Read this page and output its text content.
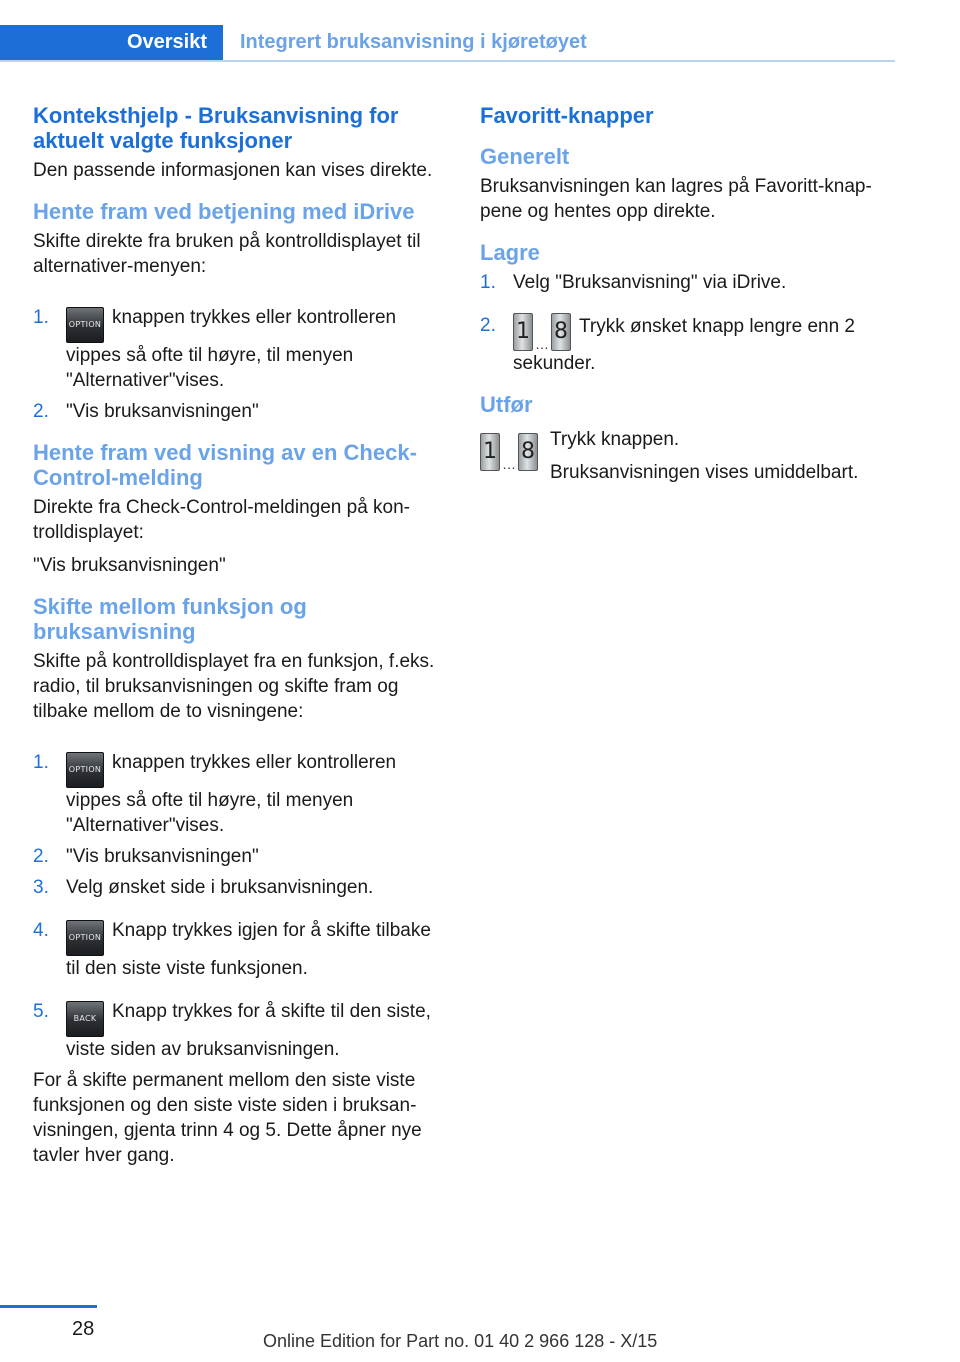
Oversikt	Integrert bruksanvisning i kjøretøyet
Konteksthjelp - Bruksanvisning for aktuelt valgte funksjoner

Den passende informasjonen kan vises direkte.

Hente fram ved betjening med iDrive

Skifte direkte fra bruken på kontrolldisplayet til alternativer-menyen:

1. OPTION knappen trykkes eller kontrolleren vippes så ofte til høyre, til menyen "Alternativer"vises.
2. "Vis bruksanvisningen"
Hente fram ved visning av en Check-Control-melding

Direkte fra Check-Control-meldingen på kontrolldisplayet:

"Vis bruksanvisningen"

Skifte mellom funksjon og bruksanvisning

Skifte på kontrolldisplayet fra en funksjon, f.eks. radio, til bruksanvisningen og skifte fram og tilbake mellom de to visningene:

1. OPTION knappen trykkes eller kontrolleren vippes så ofte til høyre, til menyen "Alternativer"vises.
2. "Vis bruksanvisningen"
3. Velg ønsket side i bruksanvisningen.
4. OPTION Knapp trykkes igjen for å skifte tilbake til den siste viste funksjonen.
5.	BACK Knapp trykkes for å skifte til den siste, viste siden av bruksanvisningen.

For å skifte permanent mellom den siste viste funksjonen og den siste viste siden i bruksanvisningen, gjenta trinn 4 og 5. Dette åpner nye tavler hver gang.

Favoritt-knapper
Generelt

Bruksanvisningen kan lagres på Favoritt-knappene og hentes opp direkte.

Lagre
1. Velg "Bruksanvisning" via iDrive.
2. 1 … 8 Trykk ønsket knapp lengre enn 2 sekunder.
Utfør
1 … 8 Trykk knappen.

Bruksanvisningen vises umiddelbart.

28
Online Edition for Part no. 01 40 2 966 128 - X/15
